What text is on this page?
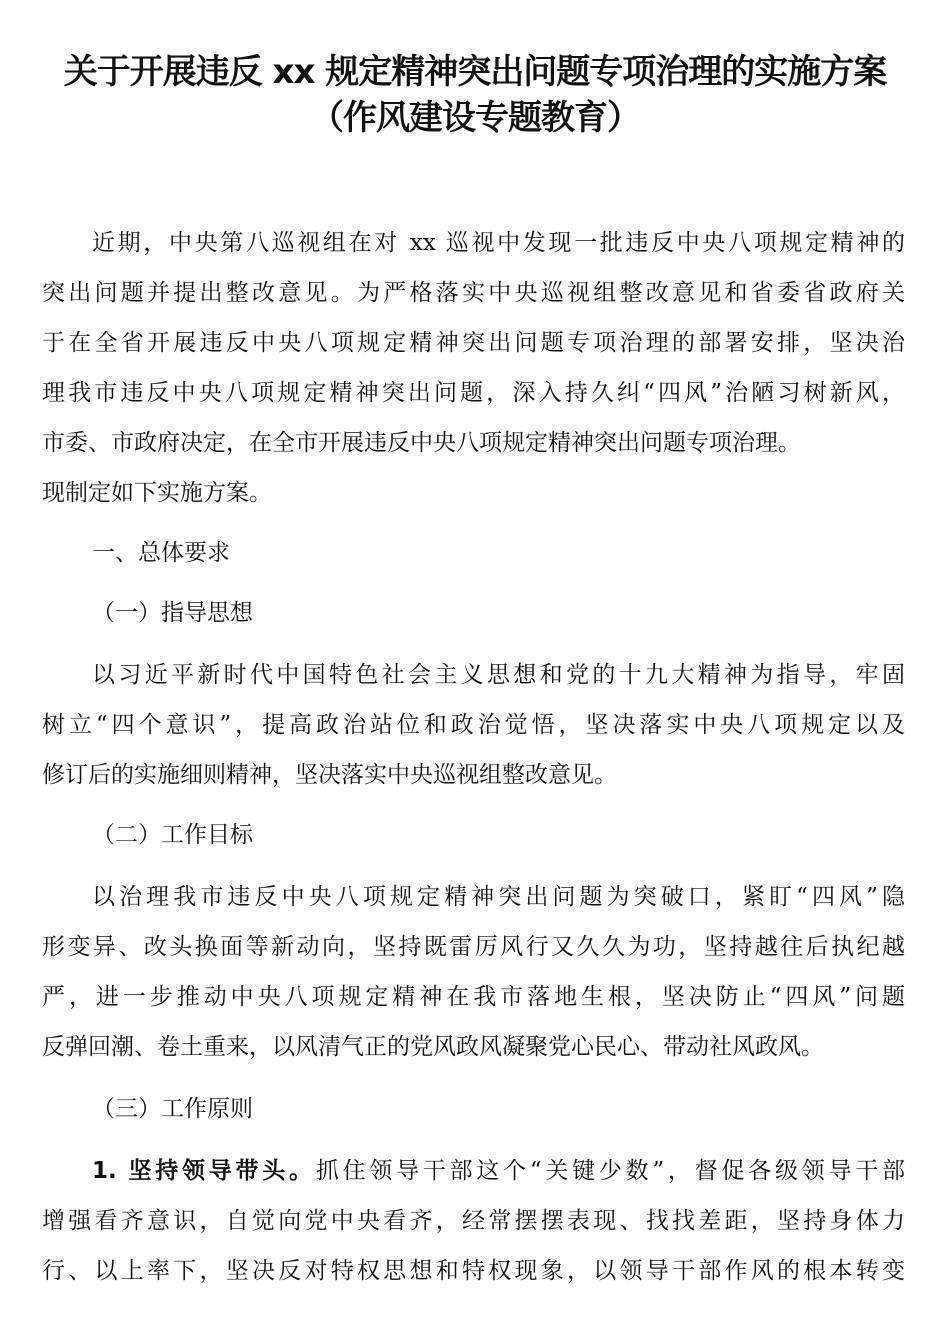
关于开展违反 xx 规定精神突出问题专项治理的实施方案
（作风建设专题教育）
近期，中央第八巡视组在对 xx 巡视中发现一批违反中央八项规定精神的
突出问题并提出整改意见。为严格落实中央巡视组整改意见和省委省政府关
于在全省开展违反中央八项规定精神突出问题专项治理的部署安排，坚决治
理我市违反中央八项规定精神突出问题，深入持久纠“四风”治陋习树新风，
市委、市政府决定，在全市开展违反中央八项规定精神突出问题专项治理。
现制定如下实施方案。
一、总体要求
（一）指导思想
以习近平新时代中国特色社会主义思想和党的十九大精神为指导，牢固
树立“四个意识”，提高政治站位和政治觉悟，坚决落实中央八项规定以及
修订后的实施细则精神，坚决落实中央巡视组整改意见。
（二）工作目标
以治理我市违反中央八项规定精神突出问题为突破口，紧盯“四风”隐
形变异、改头换面等新动向，坚持既雷厉风行又久久为功，坚持越往后执纪越
严，进一步推动中央八项规定精神在我市落地生根，坚决防止“四风”问题
反弹回潮、卷土重来，以风清气正的党风政风凝聚党心民心、带动社风政风。
（三）工作原则
1. 坚持领导带头。抓住领导干部这个“关键少数”，督促各级领导干部
增强看齐意识，自觉向党中央看齐，经常摆摆表现、找找差距，坚持身体力
行、以上率下，坚决反对特权思想和特权现象，以领导干部作风的根本转变
